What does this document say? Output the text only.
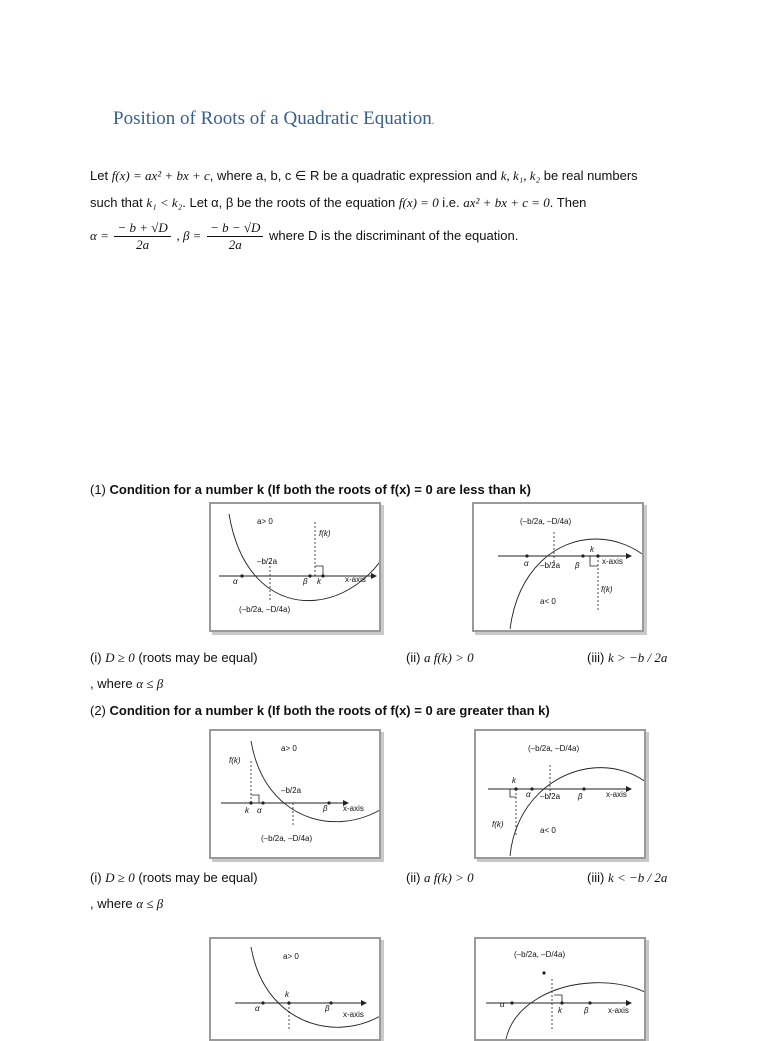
Position of Roots of a Quadratic Equation.
Let f(x) = ax² + bx + c, where a, b, c ∈ R be a quadratic expression and k, k₁, k₂ be real numbers
such that k₁ < k₂. Let α, β be the roots of the equation f(x) = 0 i.e. ax² + bx + c = 0. Then
$\alpha = \frac{- b + √D}{2a}$ , $\beta = \frac{- b - √D}{2a}$ where D is the discriminant of the equation.
(1) Condition for a number k (If both the roots of f(x) = 0 are less than k)
a> 0
f(k)
–b/2a
α	β k	x-axis
(–b/2a, –D/4a)
(–b/2a, –D/4a)
k
α –b/2a β	x-axis
f(k)
a< 0
(i) D ≥ 0 (roots may be equal)	(ii) a f(k) > 0	(iii) k > −b / 2a
, where α ≤ β
(2) Condition for a number k (If both the roots of f(x) = 0 are greater than k)
a> 0
f(k)
–b/2a
k α	β x-axis
(–b/2a, –D/4a)
(–b/2a, –D/4a)
k
α –b/2a β	x-axis
f(k)
a< 0
(i) D ≥ 0 (roots may be equal)	(ii) a f(k) > 0	(iii) k < −b / 2a
, where α ≤ β
a> 0
k
α	β
x-axis
(–b/2a, –D/4a)
α
k	β x-axis
